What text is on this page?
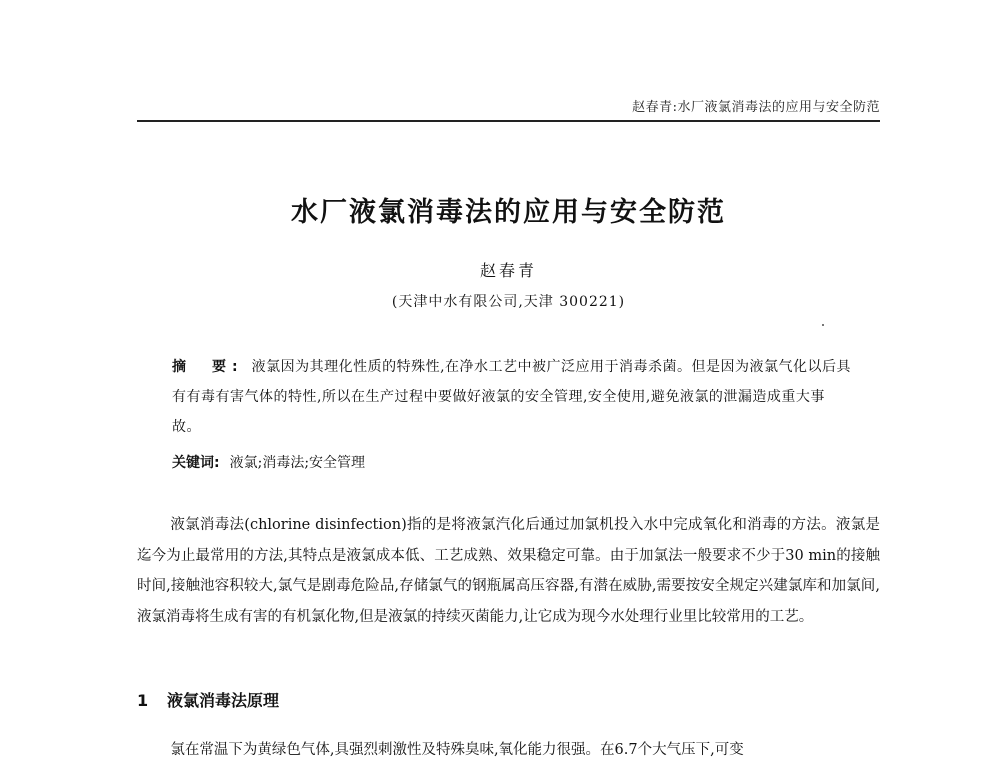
赵春青:水厂液氯消毒法的应用与安全防范
水厂液氯消毒法的应用与安全防范
赵春青
(天津中水有限公司,天津 300221)
摘　要: 液氯因为其理化性质的特殊性,在净水工艺中被广泛应用于消毒杀菌。但是因为液氯气化以后具有有毒有害气体的特性,所以在生产过程中要做好液氯的安全管理,安全使用,避免液氯的泄漏造成重大事故。
关键词: 液氯;消毒法;安全管理
液氯消毒法(chlorine disinfection)指的是将液氯汽化后通过加氯机投入水中完成氧化和消毒的方法。液氯是迄今为止最常用的方法,其特点是液氯成本低、工艺成熟、效果稳定可靠。由于加氯法一般要求不少于30 min的接触时间,接触池容积较大,氯气是剧毒危险品,存储氯气的钢瓶属高压容器,有潜在威胁,需要按安全规定兴建氯库和加氯间,液氯消毒将生成有害的有机氯化物,但是液氯的持续灭菌能力,让它成为现今水处理行业里比较常用的工艺。
1 液氯消毒法原理
氯在常温下为黄绿色气体,具强烈刺激性及特殊臭味,氧化能力很强。在6.7个大气压下,可变
